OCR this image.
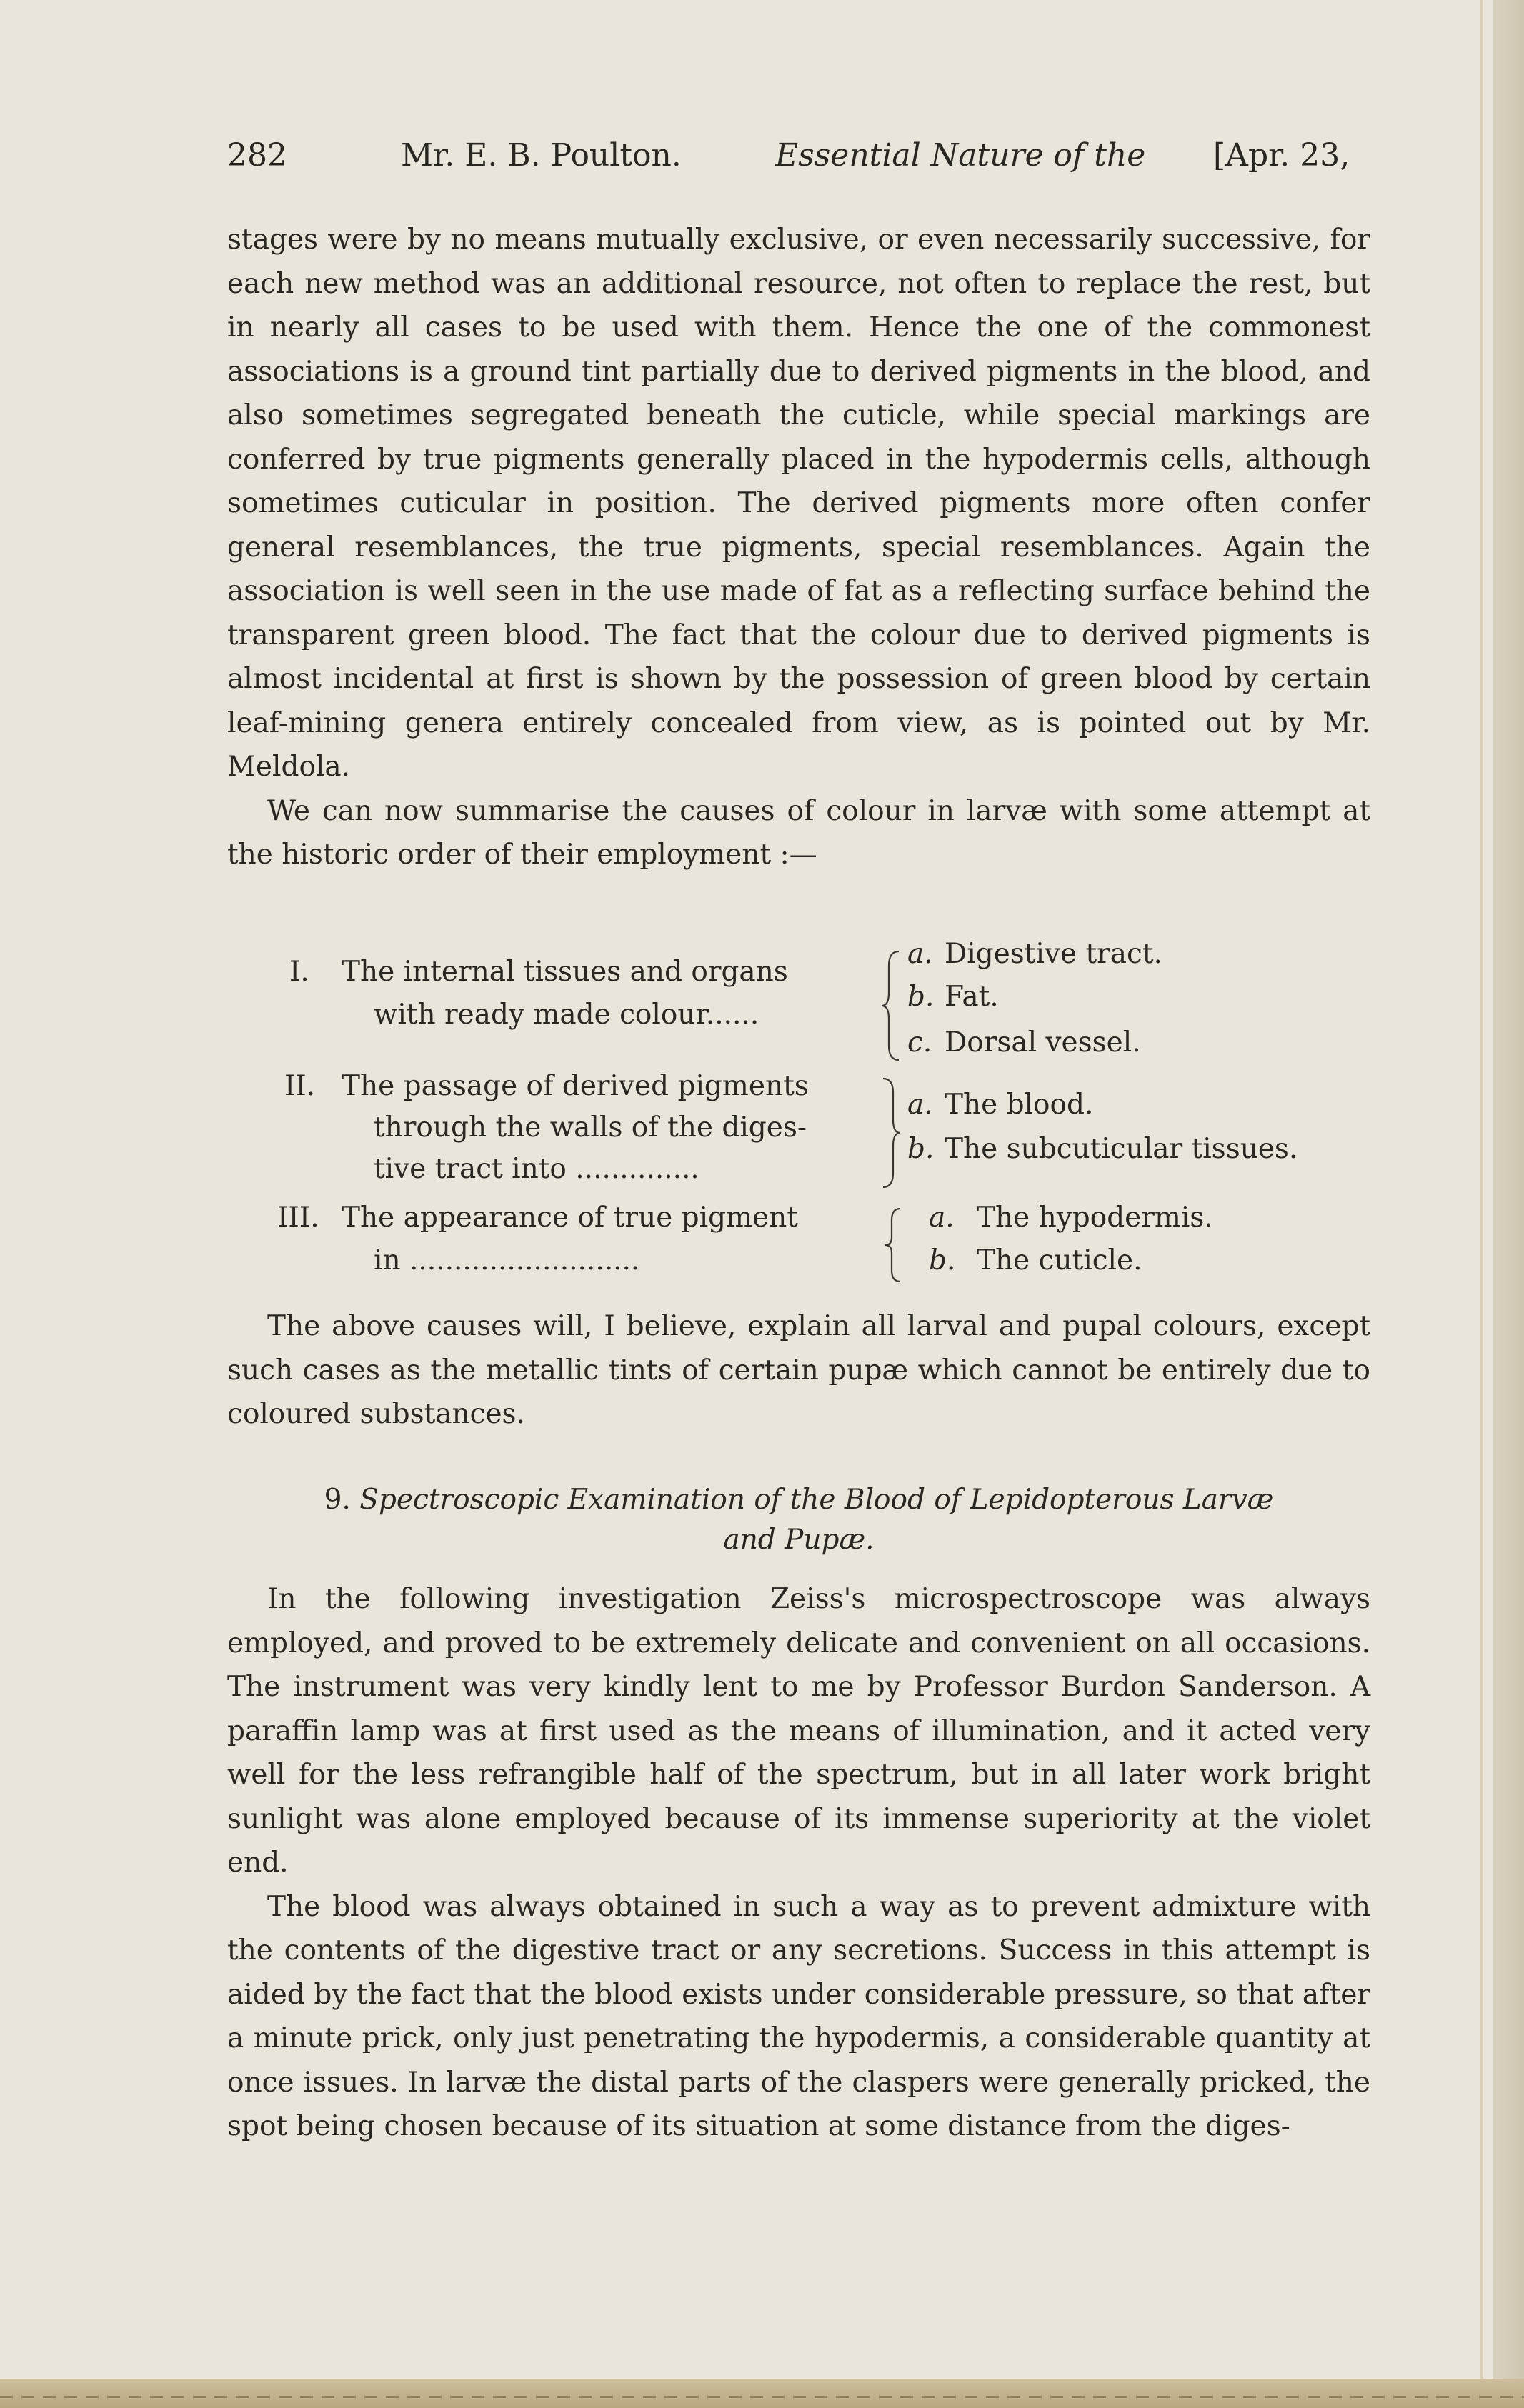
282	Mr. E. B. Poulton.	Essential Nature of the [Apr. 23,

stages were by no means mutually exclusive, or even necessarily successive, for each new method was an additional resource, not often to replace the rest, but in nearly all cases to be used with them. Hence the one of the commonest associations is a ground tint partially due to derived pigments in the blood, and also sometimes segregated beneath the cuticle, while special markings are conferred by true pigments generally placed in the hypodermis cells, although sometimes cuticular in position. The derived pigments more often confer general resemblances, the true pigments, special resemblances. Again the association is well seen in the use made of fat as a reflecting surface behind the transparent green blood. The fact that the colour due to derived pigments is almost incidental at first is shown by the possession of green blood by certain leaf-mining genera entirely concealed from view, as is pointed out by Mr. Meldola.

We can now summarise the causes of colour in larvæ with some attempt at the historic order of their employment :—

I. The internal tissues and organs
with ready made colour......
a. Digestive tract.
b. Fat.
c. Dorsal vessel.
II. The passage of derived pigments
through the walls of the diges-
tive tract into ..............
a. The blood.
b. The subcuticular tissues.
III. The appearance of true pigment
in ..........................
a. The hypodermis.
b. The cuticle.

The above causes will, I believe, explain all larval and pupal colours, except such cases as the metallic tints of certain pupæ which cannot be entirely due to coloured substances.

9. Spectroscopic Examination of the Blood of Lepidopterous Larvæ
and Pupæ.

In the following investigation Zeiss's microspectroscope was always employed, and proved to be extremely delicate and convenient on all occasions. The instrument was very kindly lent to me by Professor Burdon Sanderson. A paraffin lamp was at first used as the means of illumination, and it acted very well for the less refrangible half of the spectrum, but in all later work bright sunlight was alone employed because of its immense superiority at the violet end.

The blood was always obtained in such a way as to prevent admixture with the contents of the digestive tract or any secretions. Success in this attempt is aided by the fact that the blood exists under considerable pressure, so that after a minute prick, only just penetrating the hypodermis, a considerable quantity at once issues. In larvæ the distal parts of the claspers were generally pricked, the spot being chosen because of its situation at some distance from the diges-
